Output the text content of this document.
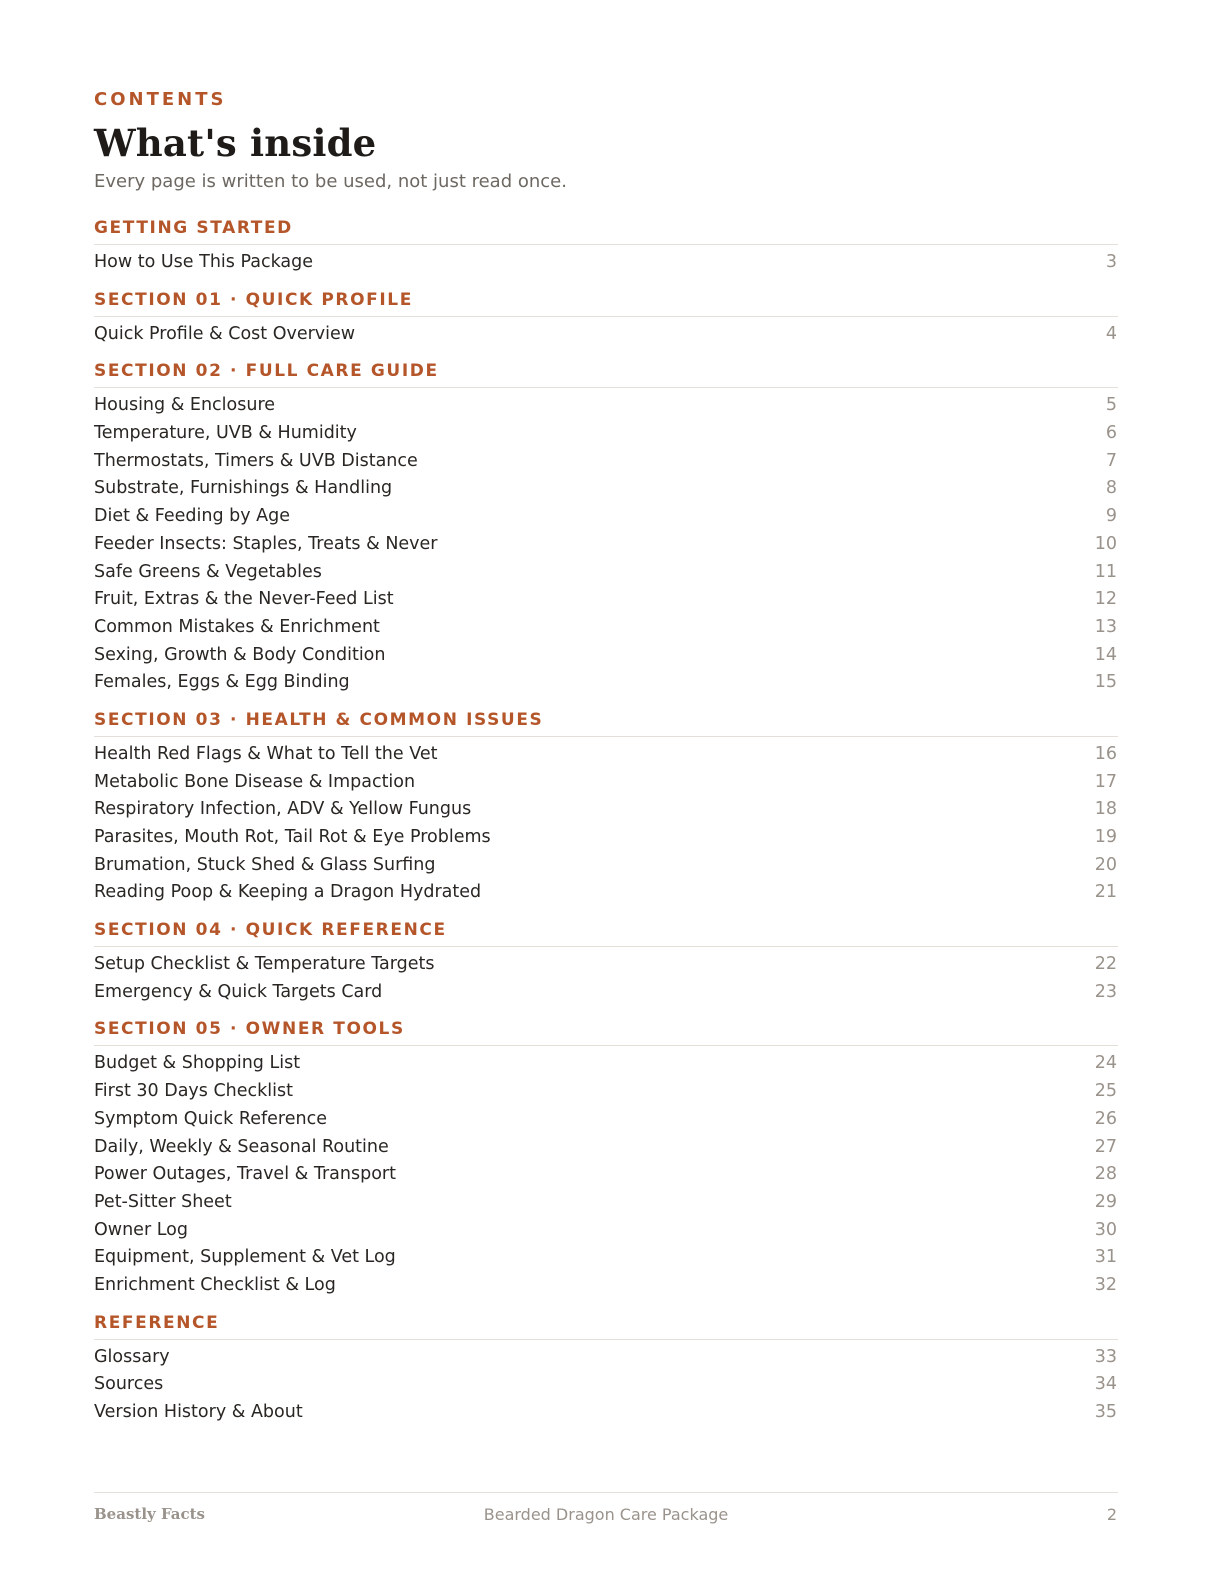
CONTENTS
What's inside
Every page is written to be used, not just read once.
GETTING STARTED
How to Use This Package	3
SECTION 01 · QUICK PROFILE
Quick Profile & Cost Overview	4
SECTION 02 · FULL CARE GUIDE
Housing & Enclosure	5
Temperature, UVB & Humidity	6
Thermostats, Timers & UVB Distance	7
Substrate, Furnishings & Handling	8
Diet & Feeding by Age	9
Feeder Insects: Staples, Treats & Never	10
Safe Greens & Vegetables	11
Fruit, Extras & the Never-Feed List	12
Common Mistakes & Enrichment	13
Sexing, Growth & Body Condition	14
Females, Eggs & Egg Binding	15
SECTION 03 · HEALTH & COMMON ISSUES
Health Red Flags & What to Tell the Vet	16
Metabolic Bone Disease & Impaction	17
Respiratory Infection, ADV & Yellow Fungus	18
Parasites, Mouth Rot, Tail Rot & Eye Problems	19
Brumation, Stuck Shed & Glass Surfing	20
Reading Poop & Keeping a Dragon Hydrated	21
SECTION 04 · QUICK REFERENCE
Setup Checklist & Temperature Targets	22
Emergency & Quick Targets Card	23
SECTION 05 · OWNER TOOLS
Budget & Shopping List	24
First 30 Days Checklist	25
Symptom Quick Reference	26
Daily, Weekly & Seasonal Routine	27
Power Outages, Travel & Transport	28
Pet-Sitter Sheet	29
Owner Log	30
Equipment, Supplement & Vet Log	31
Enrichment Checklist & Log	32
REFERENCE
Glossary	33
Sources	34
Version History & About	35
Beastly Facts	Bearded Dragon Care Package	2
